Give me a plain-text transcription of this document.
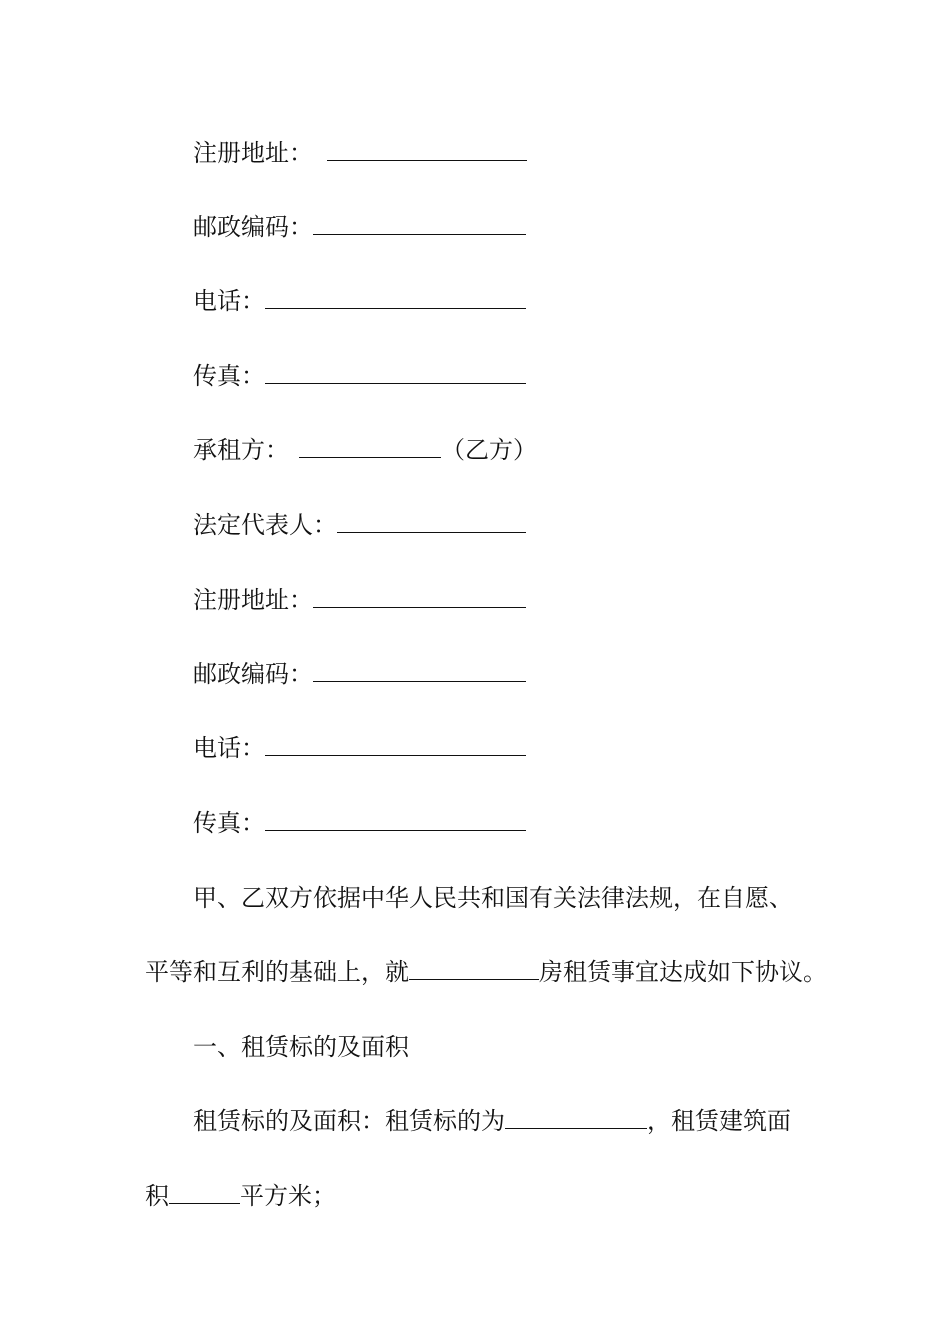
注册地址：
邮政编码：
电话：
传真：
承租方：	（乙方）
法定代表人：
注册地址：
邮政编码：
电话：
传真：
甲、乙双方依据中华人民共和国有关法律法规，在自愿、
平等和互利的基础上，就	房租赁事宜达成如下协议。
一、租赁标的及面积
租赁标的及面积：租赁标的为	，租赁建筑面
积	平方米；
